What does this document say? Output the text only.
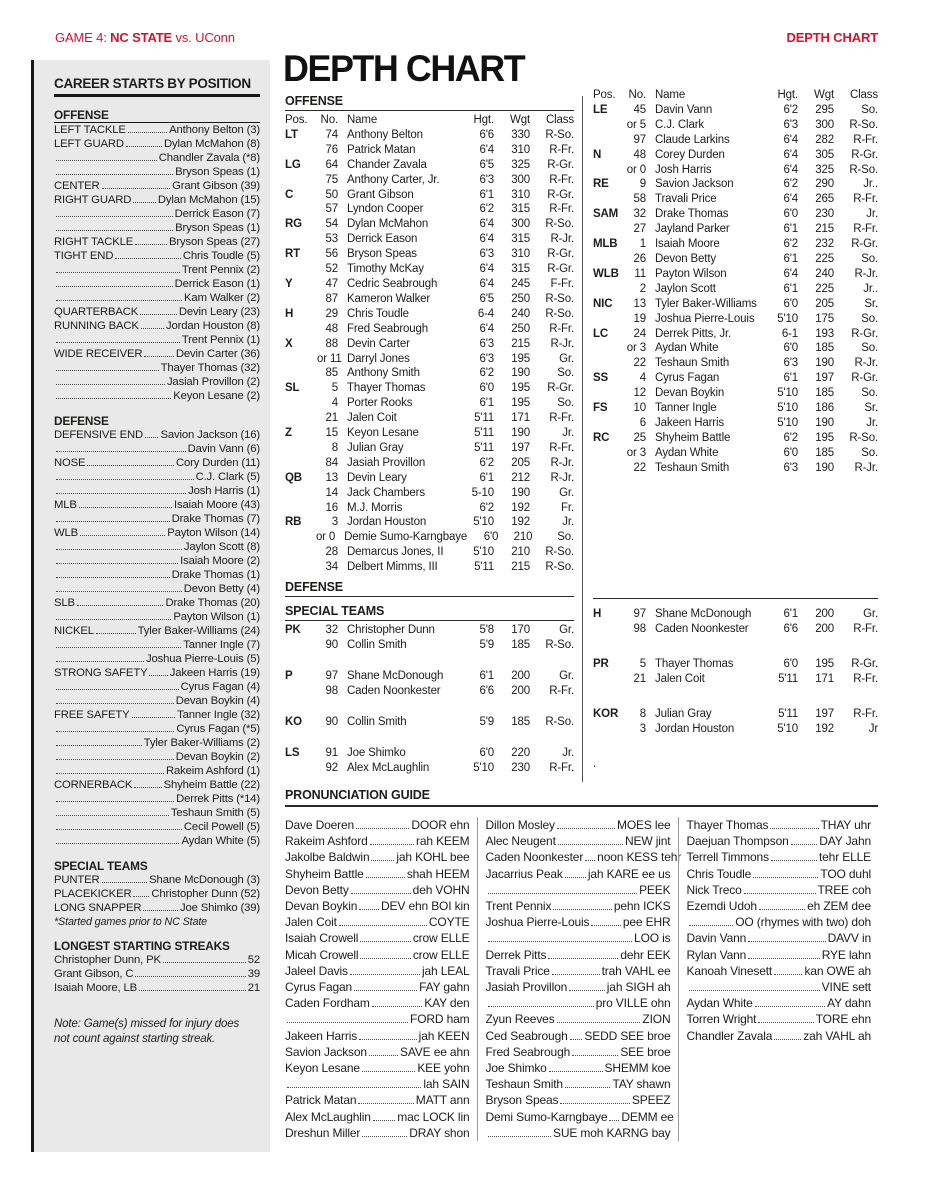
GAME 4: NC STATE vs. UConn	DEPTH CHART
DEPTH CHART
CAREER STARTS BY POSITION
OFFENSE
LEFT TACKLE	Anthony Belton (3)
LEFT GUARD	Dylan McMahon (8)
Chandler Zavala (*8)
Bryson Speas (1)
CENTER	Grant Gibson (39)
RIGHT GUARD Dylan McMahon (15)
Derrick Eason (7)
Bryson Speas (1)
RIGHT TACKLE	Bryson Speas (27)
TIGHT END	Chris Toudle (5)
Trent Pennix (2)
Derrick Eason (1)
Kam Walker (2)
QUARTERBACK	Devin Leary (23)
RUNNING BACK Jordan Houston (8)
Trent Pennix (1)
WIDE RECEIVER	Devin Carter (36)
Thayer Thomas (32)
Jasiah Provillon (2)
Keyon Lesane (2)
DEFENSE
DEFENSIVE END Savion Jackson (16)
Davin Vann (6)
NOSE	Cory Durden (11)
C.J. Clark (5)
Josh Harris (1)
MLB	Isaiah Moore (43)
Drake Thomas (7)
WLB	Payton Wilson (14)
Jaylon Scott (8)
Isaiah Moore (2)
Drake Thomas (1)
Devon Betty (4)
SLB	Drake Thomas (20)
Payton Wilson (1)
NICKEL	Tyler Baker-Williams (24)
Tanner Ingle (7)
Joshua Pierre-Louis (5)
STRONG SAFETY Jakeen Harris (19)
Cyrus Fagan (4)
Devan Boykin (4)
FREE SAFETY	Tanner Ingle (32)
Cyrus Fagan (*5)
Tyler Baker-Williams (2)
Devan Boykin (2)
Rakeim Ashford (1)
CORNERBACK	Shyheim Battle (22)
Derrek Pitts (*14)
Teshaun Smith (5)
Cecil Powell (5)
Aydan White (5)
SPECIAL TEAMS
PUNTER	Shane McDonough (3)
PLACEKICKER Christopher Dunn (52)
LONG SNAPPER	Joe Shimko (39)
*Started games prior to NC State
LONGEST STARTING STREAKS
Christopher Dunn, PK	52
Grant Gibson, C	39
Isaiah Moore, LB	21
Note: Game(s) missed for injury does not count against starting streak.
OFFENSE
Pos.	No. Name	Hgt.	Wgt	Class
LT	74 Anthony Belton	6'6	330	R-So.
76 Patrick Matan	6'4	310	R-Fr.
LG	64 Chander Zavala	6'5	325	R-Gr.
75 Anthony Carter, Jr.	6'3	300	R-Fr.
C	50 Grant Gibson	6'1	310	R-Gr.
57 Lyndon Cooper	6'2	315	R-Fr.
RG	54 Dylan McMahon	6'4	300	R-So.
53 Derrick Eason	6'4	315	R-Jr.
RT	56 Bryson Speas	6'3	310	R-Gr.
52 Timothy McKay	6'4	315	R-Gr.
Y	47 Cedric Seabrough	6'4	245	F-Fr.
87 Kameron Walker	6'5	250	R-So.
H	29 Chris Toudle	6-4	240	R-So.
48 Fred Seabrough	6'4	250	R-Fr.
X	88 Devin Carter	6'3	215	R-Jr.
or 11 Darryl Jones	6'3	195	Gr.
85 Anthony Smith	6'2	190	So.
SL	5 Thayer Thomas	6'0	195	R-Gr.
4 Porter Rooks	6'1	195	So.
21 Jalen Coit	5'11	171	R-Fr.
Z	15 Keyon Lesane	5'11	190	Jr.
8 Julian Gray	5'11	197	R-Fr.
84 Jasiah Provillon	6'2	205	R-Jr.
QB	13 Devin Leary	6'1	212	R-Jr.
14 Jack Chambers	5-10	190	Gr.
16 M.J. Morris	6'2	192	Fr.
RB	3 Jordan Houston	5'10	192	Jr.
or 0 Demie Sumo-Karngbaye	6'0	210	So.
28 Demarcus Jones, II	5'10	210	R-So.
34 Delbert Mimms, III	5'11	215	R-So.
DEFENSE
SPECIAL TEAMS
PK	32 Christopher Dunn	5'8	170	Gr.
90 Collin Smith	5'9	185	R-So.
P	97 Shane McDonough	6'1	200	Gr.
98 Caden Noonkester	6'6	200	R-Fr.
KO	90 Collin Smith	5'9	185	R-So.
LS	91 Joe Shimko	6'0	220	Jr.
92 Alex McLaughlin	5'10	230	R-Fr.
Pos.	No. Name	Hgt.	Wgt	Class
LE	45 Davin Vann	6'2	295	So.
or 5 C.J. Clark	6'3	300	R-So.
97 Claude Larkins	6'4	282	R-Fr.
N	48 Corey Durden	6'4	305	R-Gr.
or 0 Josh Harris	6'4	325	R-So.
RE	9 Savion Jackson	6'2	290	Jr..
58 Travali Price	6'4	265	R-Fr.
SAM	32 Drake Thomas	6'0	230	Jr.
27 Jayland Parker	6'1	215	R-Fr.
MLB	1 Isaiah Moore	6'2	232	R-Gr.
26 Devon Betty	6'1	225	So.
WLB	11 Payton Wilson	6'4	240	R-Jr.
2 Jaylon Scott	6'1	225	Jr..
NIC	13 Tyler Baker-Williams	6'0	205	Sr.
19 Joshua Pierre-Louis	5'10	175	So.
LC	24 Derrek Pitts, Jr.	6-1	193	R-Gr.
or 3 Aydan White	6'0	185	So.
22 Teshaun Smith	6'3	190	R-Jr.
SS	4 Cyrus Fagan	6'1	197	R-Gr.
12 Devan Boykin	5'10	185	So.
FS	10 Tanner Ingle	5'10	186	Sr.
6 Jakeen Harris	5'10	190	Jr.
RC	25 Shyheim Battle	6'2	195	R-So.
or 3 Aydan White	6'0	185	So.
22 Teshaun Smith	6'3	190	R-Jr.
H	97 Shane McDonough	6'1	200	Gr.
98 Caden Noonkester	6'6	200	R-Fr.
PR	5 Thayer Thomas	6'0	195	R-Gr.
21 Jalen Coit	5'11	171	R-Fr.
KOR	8 Julian Gray	5'11	197	R-Fr.
3 Jordan Houston	5'10	192	Jr
.
PRONUNCIATION GUIDE
Dave Doeren	DOOR ehn
Rakeim Ashford	rah KEEM
Jakolbe Baldwin jah KOHL bee
Shyheim Battle	shah HEEM
Devon Betty	deh VOHN
Devan Boykin DEV ehn BOI kin
Jalen Coit	COYTE
Isaiah Crowell	crow ELLE
Micah Crowell	crow ELLE
Jaleel Davis	jah LEAL
Cyrus Fagan	FAY gahn
Caden Fordham	KAY den
FORD ham
Jakeen Harris	jah KEEN
Savion Jackson	SAVE ee ahn
Keyon Lesane	KEE yohn
lah SAIN
Patrick Matan	MATT ann
Alex McLaughlin mac LOCK lin
Dreshun Miller	DRAY shon
Dillon Mosley	MOES lee
Alec Neugent	NEW jint
Caden Noonkester noon KESS tehr
Jacarrius Peak jah KARE ee us
PEEK
Trent Pennix	pehn ICKS
Joshua Pierre-Louis	pee EHR
LOO is
Derrek Pitts	dehr EEK
Travali Price	trah VAHL ee
Jasiah Provillon	jah SIGH ah
pro VILLE ohn
Zyun Reeves	ZION
Ced Seabrough SEDD SEE broe
Fred Seabrough	SEE broe
Joe Shimko	SHEMM koe
Teshaun Smith	TAY shawn
Bryson Speas	SPEEZ
Demi Sumo-Karngbaye DEMM ee
SUE moh KARNG bay
Thayer Thomas	THAY uhr
Daejuan Thompson	DAY Jahn
Terrell Timmons	tehr ELLE
Chris Toudle	TOO duhl
Nick Treco	TREE coh
Ezemdi Udoh	eh ZEM dee
OO (rhymes with two) doh
Davin Vann	DAVV in
Rylan Vann	RYE lahn
Kanoah Vinesett	kan OWE ah
VINE sett
Aydan White	AY dahn
Torren Wright	TORE ehn
Chandler Zavala	zah VAHL ah
